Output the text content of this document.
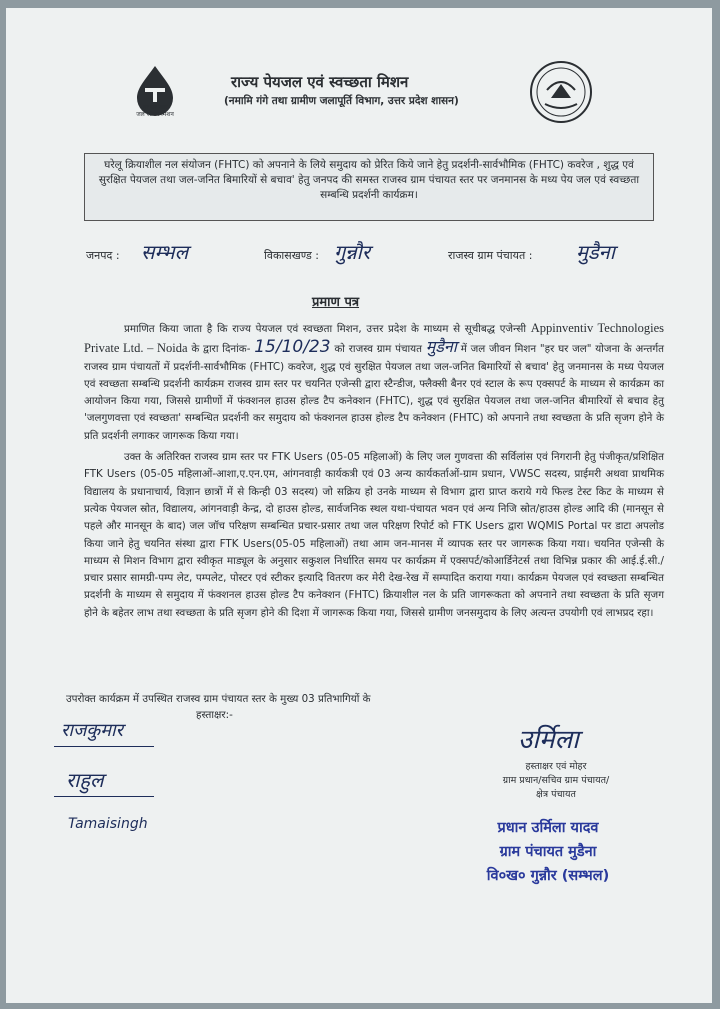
हर घर जल
जल जीवन मिशन
राज्य पेयजल एवं स्वच्छता मिशन
(नमामि गंगे तथा ग्रामीण जलापूर्ति विभाग, उत्तर प्रदेश शासन)

घरेलू क्रियाशील नल संयोजन (FHTC) को अपनाने के लिये समुदाय को प्रेरित किये जाने हेतु प्रदर्शनी-सार्वभौमिक (FHTC) कवरेज , शुद्ध एवं सुरक्षित पेयजल तथा जल-जनित बिमारियों से बचाव' हेतु जनपद की समस्त राजस्व ग्राम पंचायत स्तर पर जनमानस के मध्य पेय जल एवं स्वच्छता सम्बन्धि प्रदर्शनी कार्यक्रम।

जनपद : सम्भल	विकासखण्ड : गुन्नौर	राजस्व ग्राम पंचायत : मुडैना
प्रमाण पत्र

प्रमाणित किया जाता है कि राज्य पेयजल एवं स्वच्छता मिशन, उत्तर प्रदेश के माध्यम से सूचीबद्ध एजेन्सी Appinventiv Technologies Private Ltd. – Noida के द्वारा दिनांक- 15/10/23 को राजस्व ग्राम पंचायत मुडैना में जल जीवन मिशन "हर घर जल" योजना के अन्तर्गत राजस्व ग्राम पंचायतों में प्रदर्शनी-सार्वभौमिक (FHTC) कवरेज, शुद्ध एवं सुरक्षित पेयजल तथा जल-जनित बिमारियों से बचाव' हेतु जनमानस के मध्य पेयजल एवं स्वच्छता सम्बन्धि प्रदर्शनी कार्यक्रम राजस्व ग्राम स्तर पर चयनित एजेन्सी द्वारा स्टैन्डीज, फ्लैक्सी बैनर एवं स्टाल के रूप एक्सपर्ट के माध्यम से कार्यक्रम का आयोजन किया गया, जिससे ग्रामीणों में फंक्शनल हाउस होल्ड टैप कनेक्शन (FHTC), शुद्ध एवं सुरक्षित पेयजल तथा जल-जनित बीमारियों से बचाव हेतु 'जलगुणवत्ता एवं स्वच्छता' सम्बन्धित प्रदर्शनी कर समुदाय को फंक्शनल हाउस होल्ड टैप कनेक्शन (FHTC) को अपनाने तथा स्वच्छता के प्रति सृजग होने के प्रति प्रदर्शनी लगाकर जागरूक किया गया।

उक्त के अतिरिक्त राजस्व ग्राम स्तर पर FTK Users (05-05 महिलाओं) के लिए जल गुणवत्ता की सर्विलांस एवं निगरानी हेतु पंजीकृत/प्रशिक्षित FTK Users (05-05 महिलाओं-आशा,ए.एन.एम, आंगनवाड़ी कार्यकत्री एवं 03 अन्य कार्यकर्ताओं-ग्राम प्रधान, VWSC सदस्य, प्राईमरी अथवा प्राथमिक विद्यालय के प्रधानाचार्य, विज्ञान छात्रों में से किन्ही 03 सदस्य) जो सक्रिय हो उनके माध्यम से विभाग द्वारा प्राप्त कराये गये फिल्ड टेस्ट किट के माध्यम से प्रत्येक पेयजल स्रोत, विद्यालय, आंगनवाड़ी केन्द्र, दो हाउस होल्ड, सार्वजनिक स्थल यथा-पंचायत भवन एवं अन्य निजि स्रोत/हाउस होल्ड आदि की (मानसून से पहले और मानसून के बाद) जल जॉच परिक्षण सम्बन्धित प्रचार-प्रसार तथा जल परिक्षण रिपोर्ट को FTK Users द्वारा WQMIS Portal पर डाटा अपलोड किया जाने हेतु चयनित संस्था द्वारा FTK Users(05-05 महिलाओं) तथा आम जन-मानस में व्यापक स्तर पर जागरूक किया गया। चयनित एजेन्सी के माध्यम से मिशन विभाग द्वारा स्वीकृत माड्यूल के अनुसार सकुशल निर्धारित समय पर कार्यक्रम में एक्सपर्ट/कोआर्डिनेटर्स तथा विभिन्न प्रकार की आई.ई.सी./प्रचार प्रसार सामग्री-पम्प लेट, पम्पलेट, पोस्टर एवं स्टीकर इत्यादि वितरण कर मेरी देख-रेख में सम्पादित कराया गया। कार्यक्रम पेयजल एवं स्वच्छता सम्बन्धित प्रदर्शनी के माध्यम से समुदाय में फंक्शनल हाउस होल्ड टैप कनेक्शन (FHTC) क्रियाशील नल के प्रति जागरूकता को अपनाने तथा स्वच्छता के प्रति सृजग होने के बहेतर लाभ तथा स्वच्छता के प्रति सृजग होने की दिशा में जागरूक किया गया, जिससे ग्रामीण जनसमुदाय के लिए अत्यन्त उपयोगी एवं लाभप्रद रहा।

उपरोक्त कार्यक्रम में उपस्थित राजस्व ग्राम पंचायत स्तर के मुख्य 03 प्रतिभागियों के
हस्ताक्षर:-
राजकुमार
राहुल
Tamaisingh
उर्मिला
हस्ताक्षर एवं मोहर
ग्राम प्रधान/सचिव ग्राम पंचायत/
क्षेत्र पंचायत
प्रधान उर्मिला यादव
ग्राम पंचायत मुडैना
वि०ख० गुन्नौर (सम्भल)
